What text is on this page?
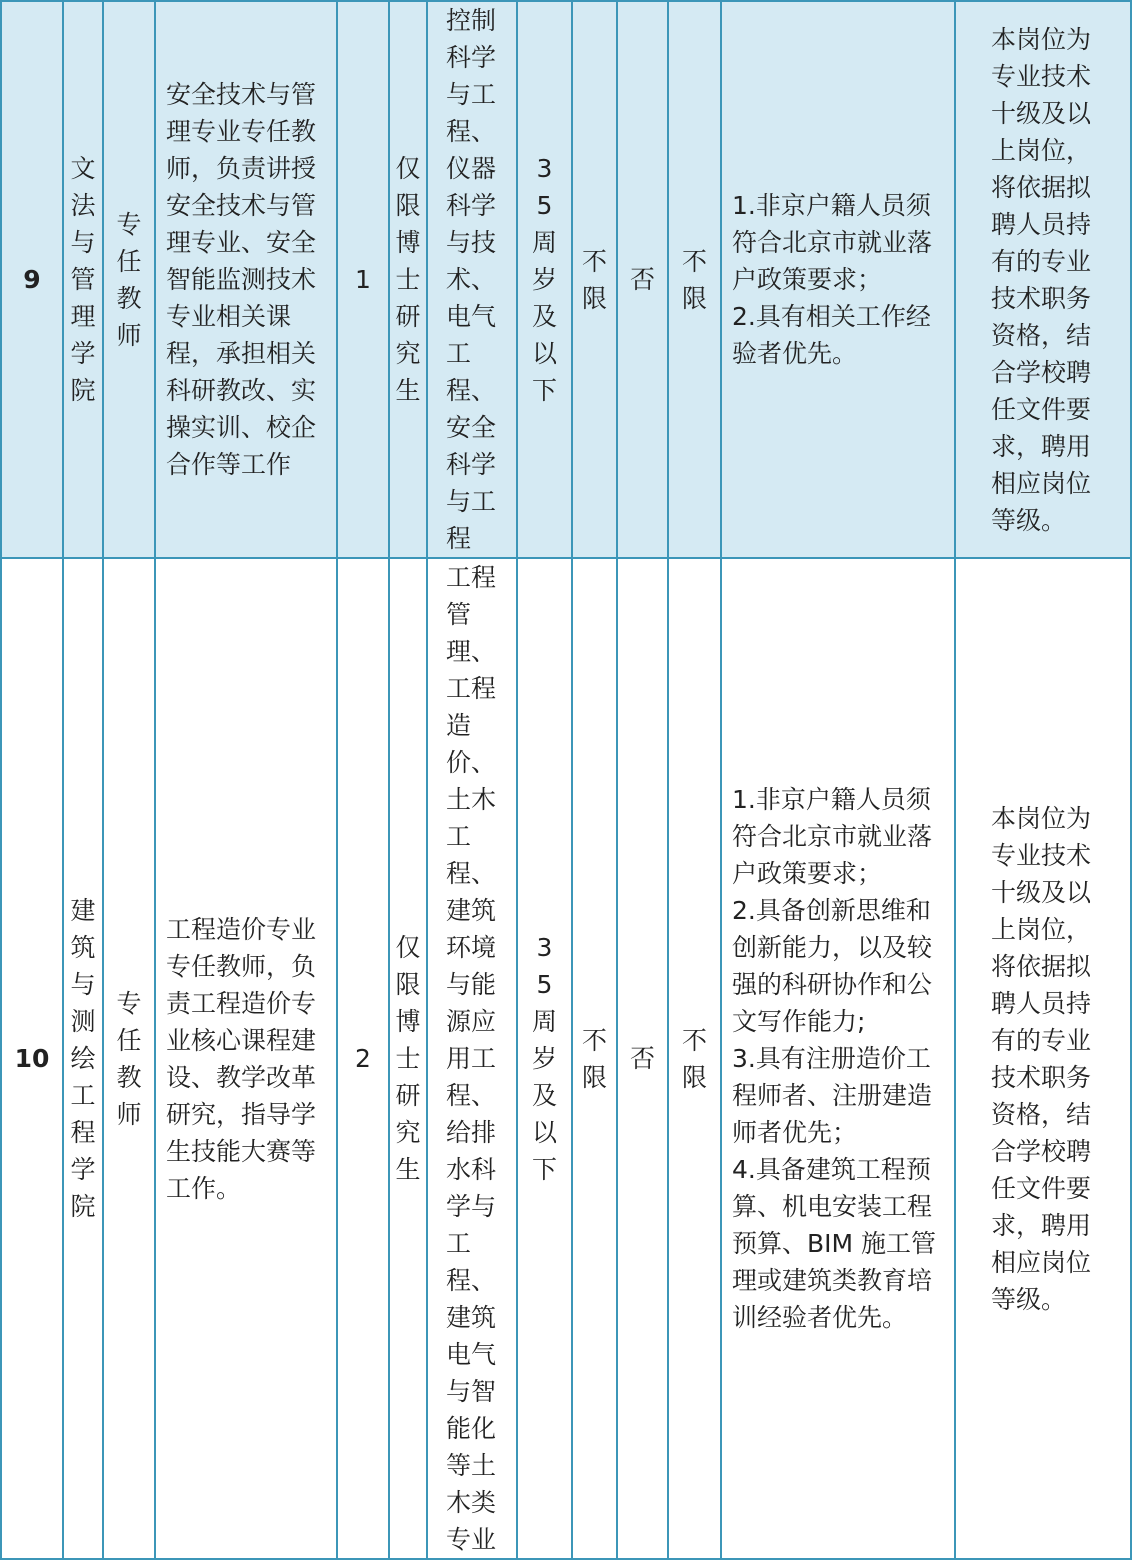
9	文法与管理学院	专任教师	安全技术与管理专业专任教师，负责讲授安全技术与管理专业、安全智能监测技术专业相关课程，承担相关科研教改、实操实训、校企合作等工作	1	仅限博士研究生	控制科学与工程、仪器科学与技术、电气工程、安全科学与工程	35周岁及以下	不限	否	不限	1.非京户籍人员须符合北京市就业落户政策要求；
2.具有相关工作经验者优先。	本岗位为专业技术十级及以上岗位，将依据拟聘人员持有的专业技术职务资格，结合学校聘任文件要求，聘用相应岗位等级。

10	建筑与测绘工程学院	专任教师	工程造价专业专任教师，负责工程造价专业核心课程建设、教学改革研究，指导学生技能大赛等工作。	2	仅限博士研究生	工程管理、工程造价、土木工程、建筑环境与能源应用工程、给排水科学与工程、建筑电气与智能化等土木类专业	35周岁及以下	不限	否	不限	1.非京户籍人员须符合北京市就业落户政策要求；
2.具备创新思维和创新能力，以及较强的科研协作和公文写作能力;
3.具有注册造价工程师者、注册建造师者优先；
4.具备建筑工程预算、机电安装工程预算、BIM 施工管理或建筑类教育培训经验者优先。	本岗位为专业技术十级及以上岗位，将依据拟聘人员持有的专业技术职务资格，结合学校聘任文件要求，聘用相应岗位等级。
